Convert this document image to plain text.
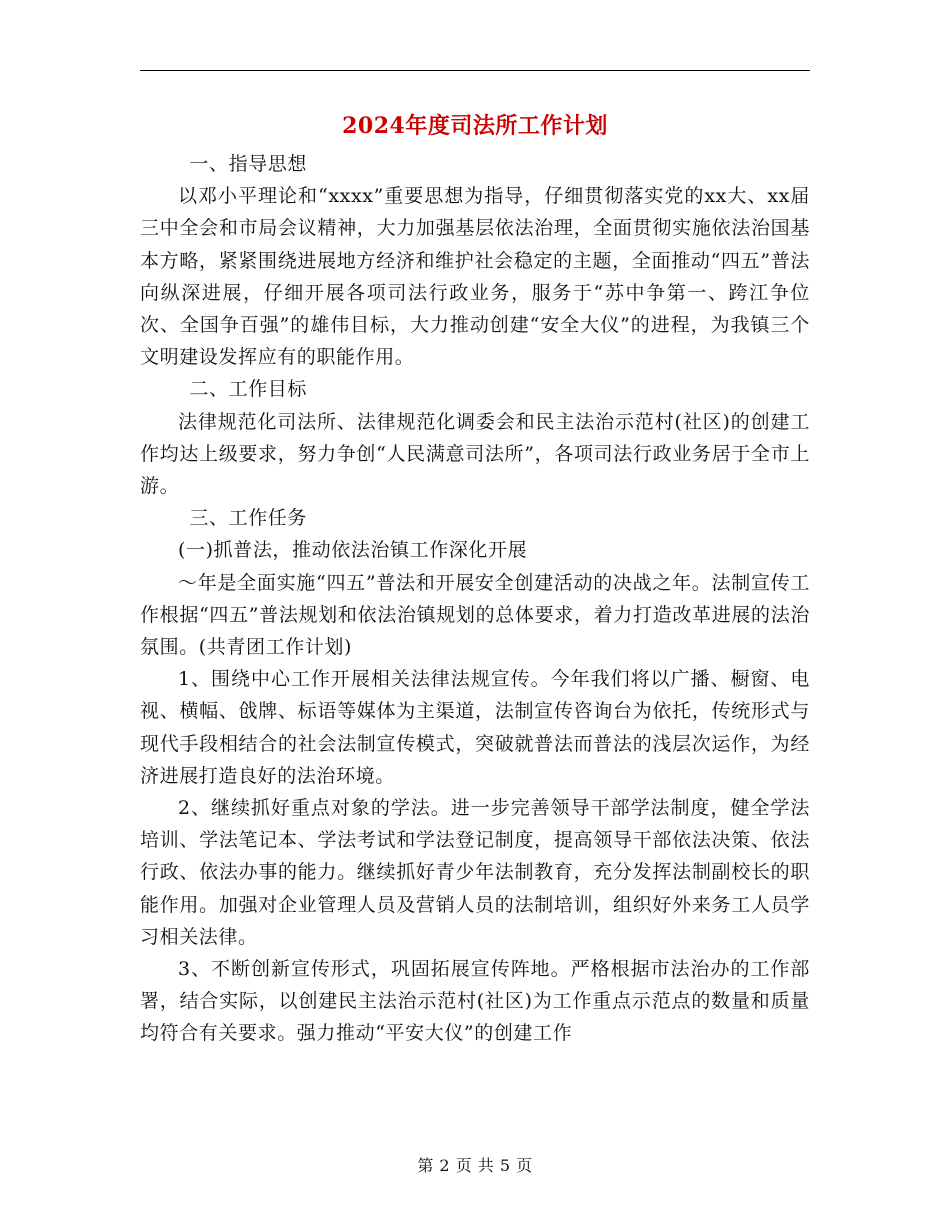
2024年度司法所工作计划

一、指导思想

以邓小平理论和“xxxx”重要思想为指导，仔细贯彻落实党的xx大、xx届三中全会和市局会议精神，大力加强基层依法治理，全面贯彻实施依法治国基本方略，紧紧围绕进展地方经济和维护社会稳定的主题，全面推动“四五”普法向纵深进展，仔细开展各项司法行政业务，服务于“苏中争第一、跨江争位次、全国争百强”的雄伟目标，大力推动创建“安全大仪”的进程，为我镇三个文明建设发挥应有的职能作用。

二、工作目标

法律规范化司法所、法律规范化调委会和民主法治示范村(社区)的创建工作均达上级要求，努力争创“人民满意司法所”，各项司法行政业务居于全市上游。

三、工作任务

(一)抓普法，推动依法治镇工作深化开展

～年是全面实施“四五”普法和开展安全创建活动的决战之年。法制宣传工作根据“四五”普法规划和依法治镇规划的总体要求，着力打造改革进展的法治氛围。(共青团工作计划)

1、围绕中心工作开展相关法律法规宣传。今年我们将以广播、橱窗、电视、横幅、戗牌、标语等媒体为主渠道，法制宣传咨询台为依托，传统形式与现代手段相结合的社会法制宣传模式，突破就普法而普法的浅层次运作，为经济进展打造良好的法治环境。

2、继续抓好重点对象的学法。进一步完善领导干部学法制度，健全学法培训、学法笔记本、学法考试和学法登记制度，提高领导干部依法决策、依法行政、依法办事的能力。继续抓好青少年法制教育，充分发挥法制副校长的职能作用。加强对企业管理人员及营销人员的法制培训，组织好外来务工人员学习相关法律。

3、不断创新宣传形式，巩固拓展宣传阵地。严格根据市法治办的工作部署，结合实际，以创建民主法治示范村(社区)为工作重点示范点的数量和质量均符合有关要求。强力推动“平安大仪”的创建工作

第 2 页 共 5 页
